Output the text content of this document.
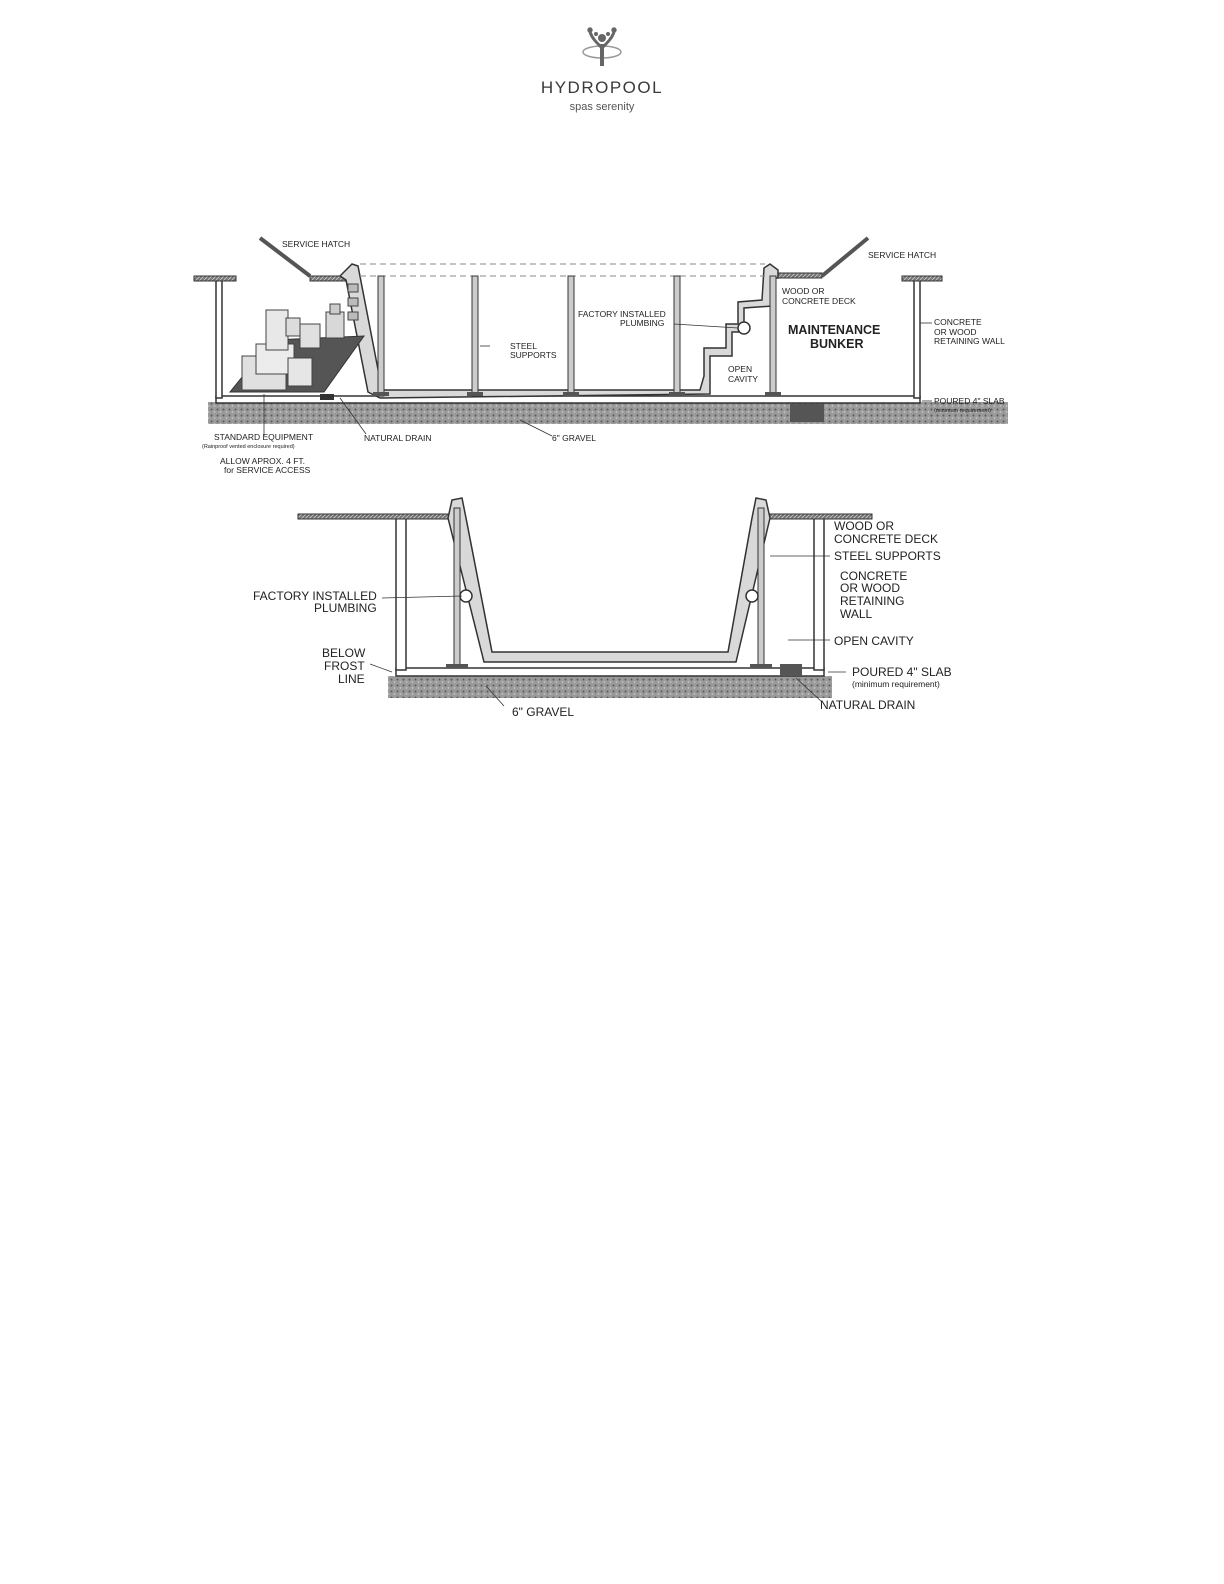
HYDROPOOL
spas serenity
SERVICE HATCH
SERVICE HATCH
WOOD OR
CONCRETE DECK
FACTORY INSTALLED
PLUMBING
STEEL
SUPPORTS
MAINTENANCE
BUNKER
CONCRETE
OR WOOD
RETAINING WALL
OPEN
CAVITY
POURED 4" SLAB
(minimum requirement)
STANDARD EQUIPMENT
(Rainproof vented enclosure required)
ALLOW APROX. 4 FT.
for SERVICE ACCESS
NATURAL DRAIN	6" GRAVEL
WOOD OR
CONCRETE DECK
STEEL SUPPORTS
CONCRETE
OR WOOD
RETAINING
WALL
FACTORY INSTALLED
PLUMBING
OPEN CAVITY
BELOW
FROST
LINE	POURED 4" SLAB
(minimum requirement)
6" GRAVEL	NATURAL DRAIN
